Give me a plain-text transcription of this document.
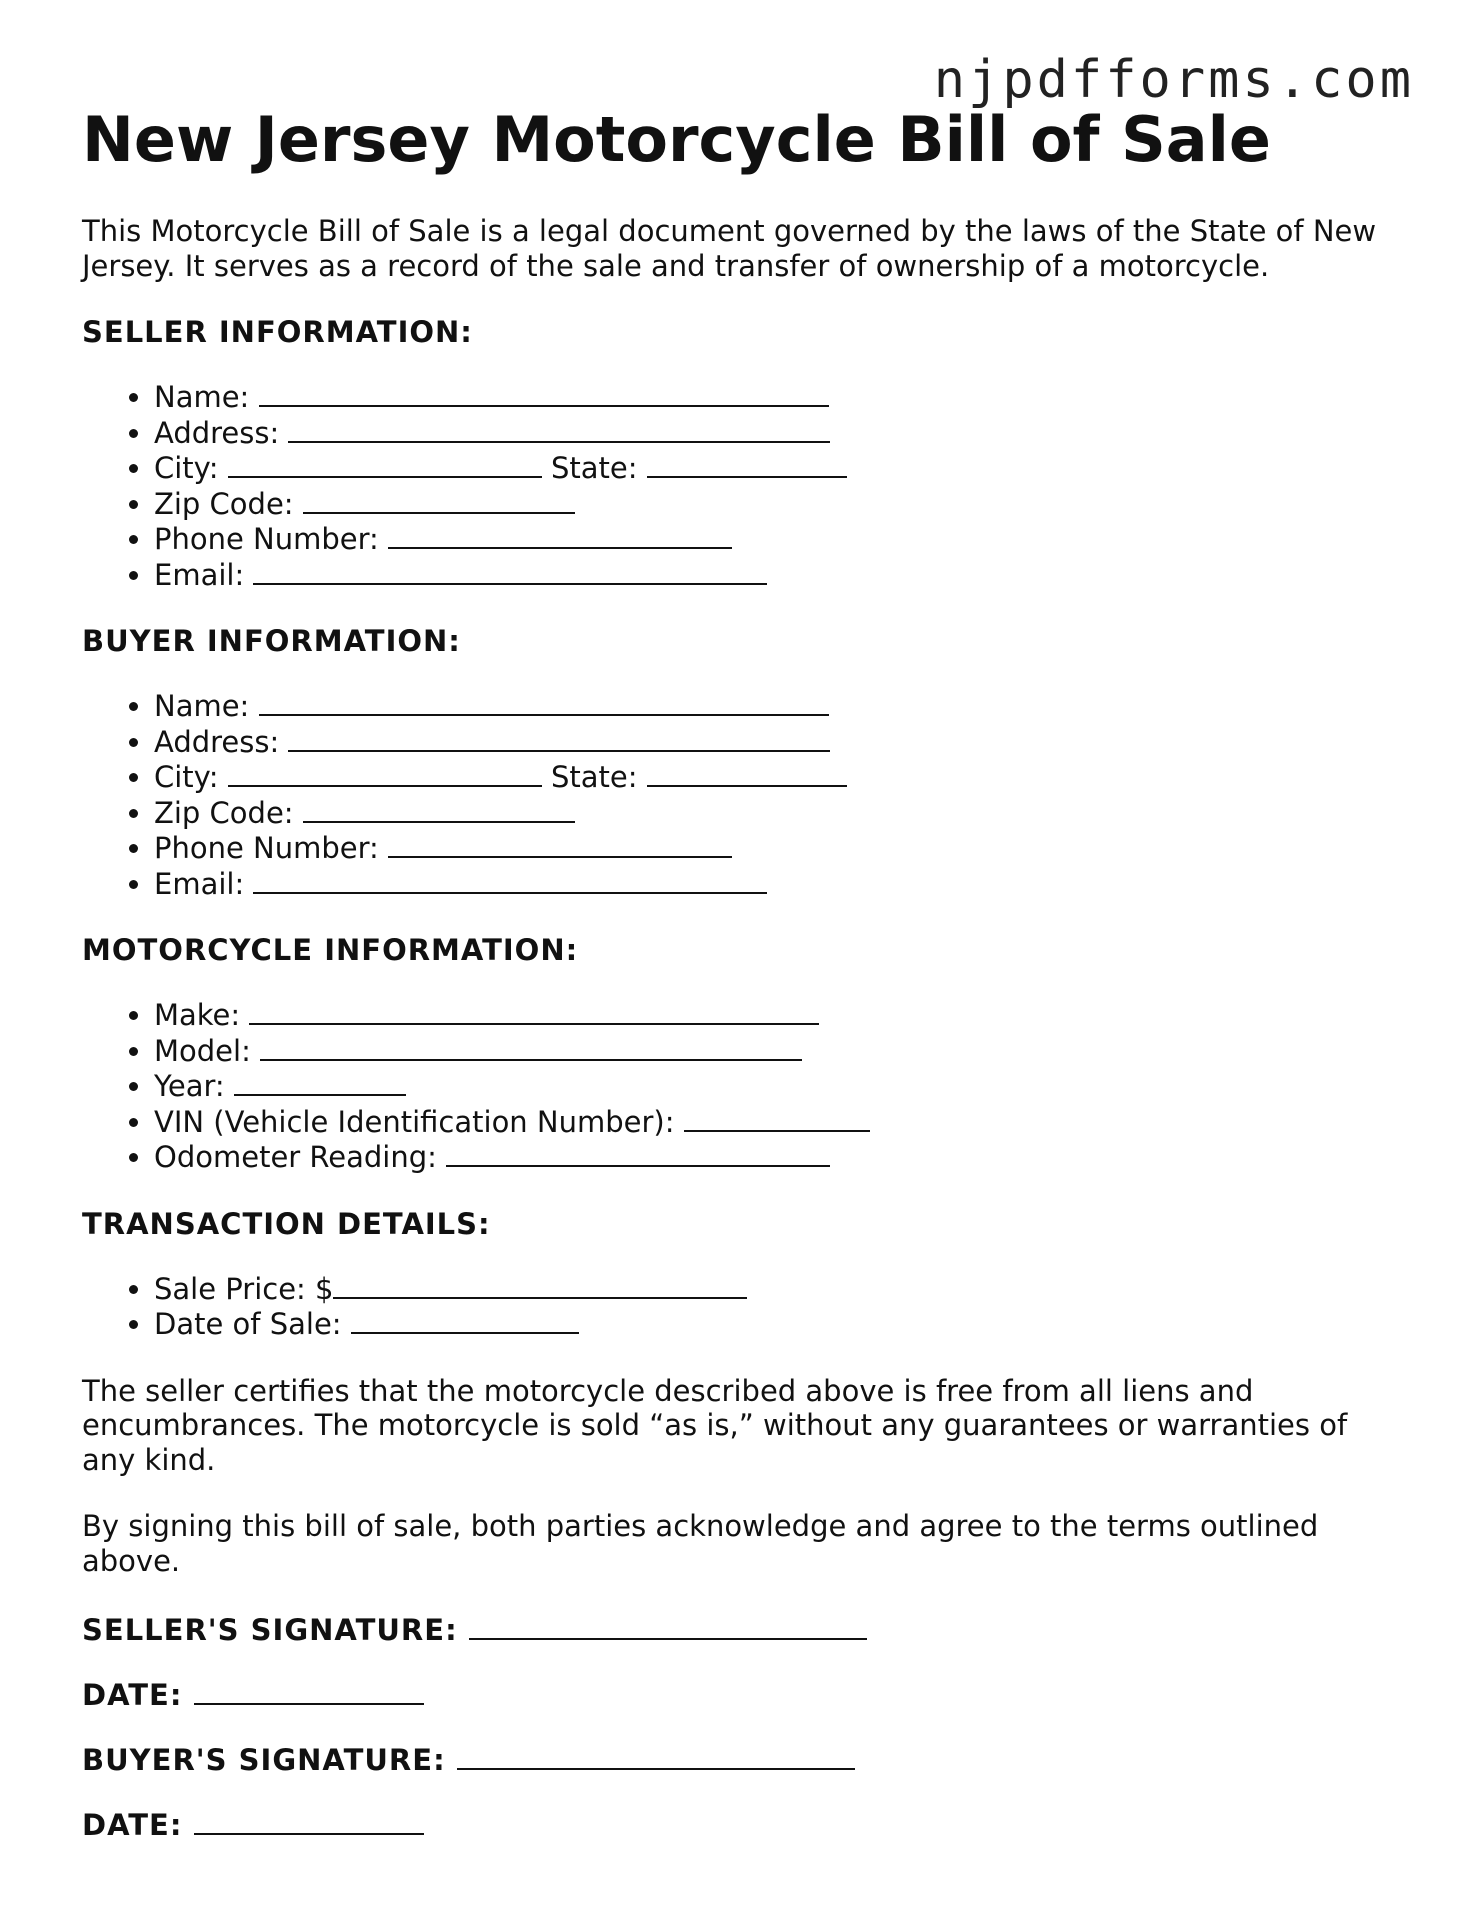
njpdfforms.com
New Jersey Motorcycle Bill of Sale

This Motorcycle Bill of Sale is a legal document governed by the laws of the State of New Jersey. It serves as a record of the sale and transfer of ownership of a motorcycle.

SELLER INFORMATION:
• Name:
• Address:
• City:	State:
• Zip Code:
• Phone Number:
• Email:
BUYER INFORMATION:
• Name:
• Address:
• City:	State:
• Zip Code:
• Phone Number:
• Email:
MOTORCYCLE INFORMATION:
• Make:
• Model:
• Year:
• VIN (Vehicle Identification Number):
• Odometer Reading:
TRANSACTION DETAILS:
• Sale Price: $
• Date of Sale:

The seller certifies that the motorcycle described above is free from all liens and encumbrances. The motorcycle is sold “as is,” without any guarantees or warranties of any kind.

By signing this bill of sale, both parties acknowledge and agree to the terms outlined above.

SELLER'S SIGNATURE:
DATE:
BUYER'S SIGNATURE:
DATE:
